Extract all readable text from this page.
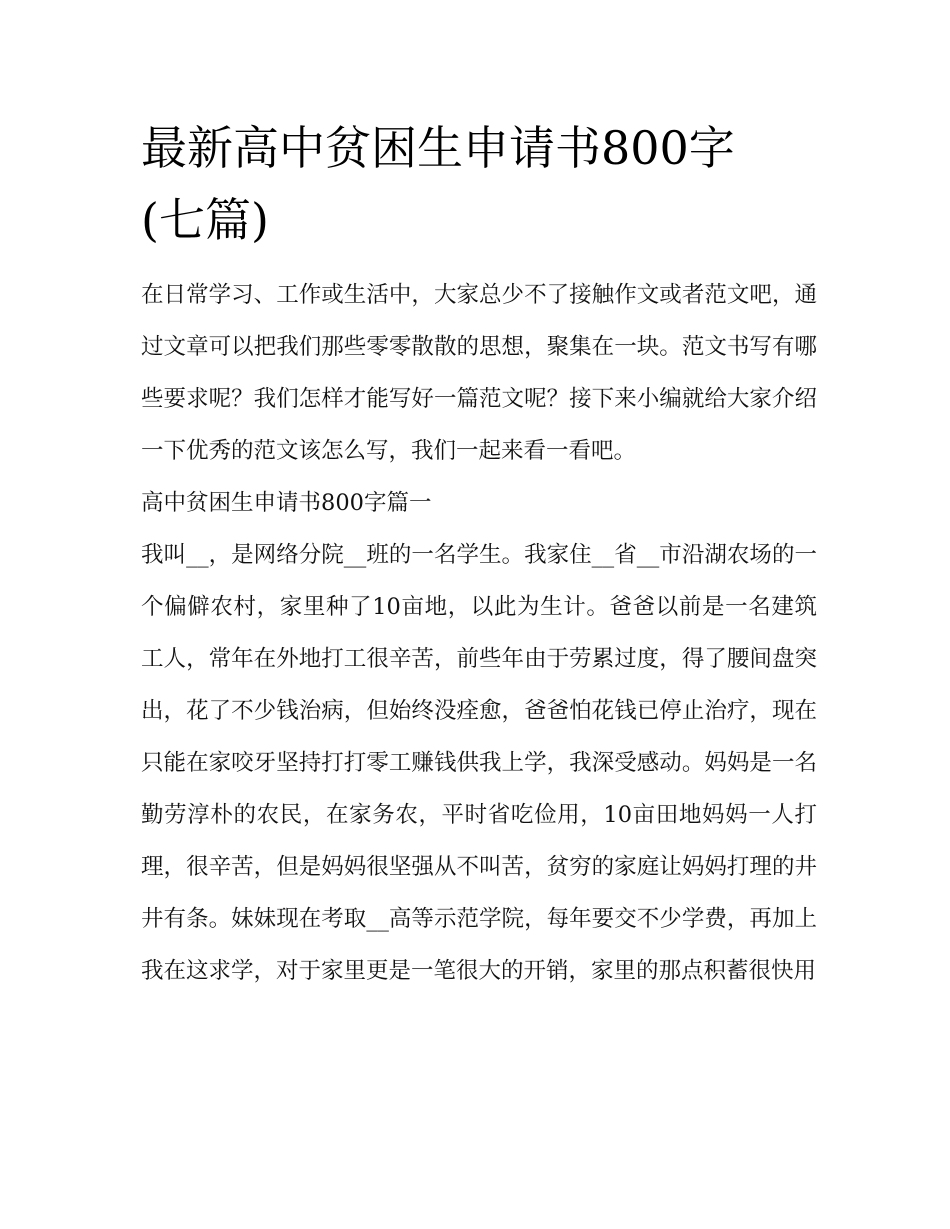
最新高中贫困生申请书800字
(七篇)

在日常学习、工作或生活中，大家总少不了接触作文或者范文吧，通过文章可以把我们那些零零散散的思想，聚集在一块。范文书写有哪些要求呢？我们怎样才能写好一篇范文呢？接下来小编就给大家介绍一下优秀的范文该怎么写，我们一起来看一看吧。

高中贫困生申请书800字篇一

我叫__，是网络分院__班的一名学生。我家住__省__市沿湖农场的一个偏僻农村，家里种了10亩地，以此为生计。爸爸以前是一名建筑工人，常年在外地打工很辛苦，前些年由于劳累过度，得了腰间盘突出，花了不少钱治病，但始终没痊愈，爸爸怕花钱已停止治疗，现在只能在家咬牙坚持打打零工赚钱供我上学，我深受感动。妈妈是一名勤劳淳朴的农民，在家务农，平时省吃俭用，10亩田地妈妈一人打理，很辛苦，但是妈妈很坚强从不叫苦，贫穷的家庭让妈妈打理的井井有条。妹妹现在考取__高等示范学院，每年要交不少学费，再加上我在这求学，对于家里更是一笔很大的开销，家里的那点积蓄很快用
